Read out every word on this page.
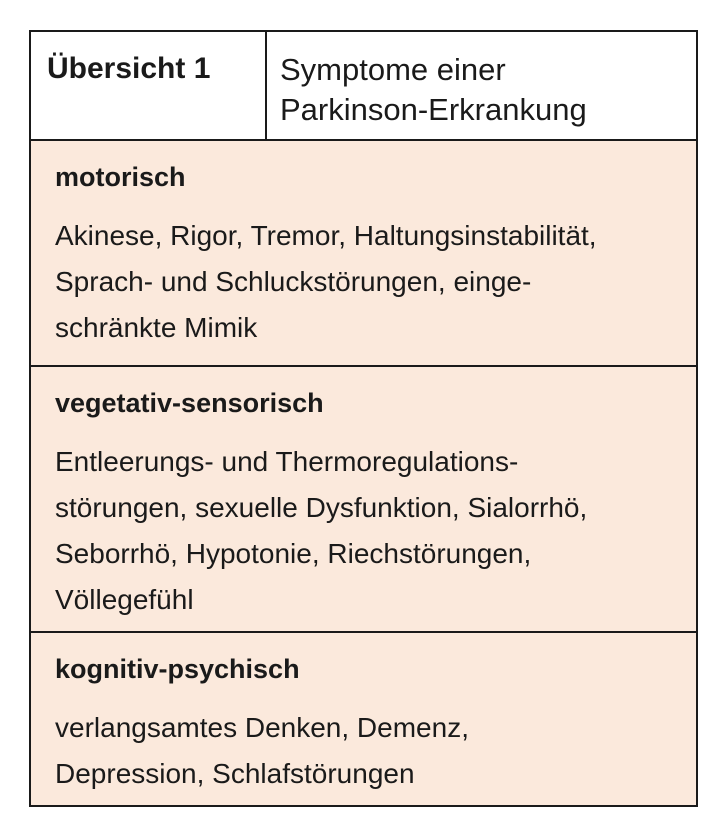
Übersicht 1	Symptome einer
Parkinson-Erkrankung
motorisch
Akinese, Rigor, Tremor, Haltungsinstabilität,
Sprach- und Schluckstörungen, einge-
schränkte Mimik
vegetativ-sensorisch
Entleerungs- und Thermoregulations-
störungen, sexuelle Dysfunktion, Sialorrhö,
Seborrhö, Hypotonie, Riechstörungen,
Völlegefühl
kognitiv-psychisch
verlangsamtes Denken, Demenz,
Depression, Schlafstörungen
